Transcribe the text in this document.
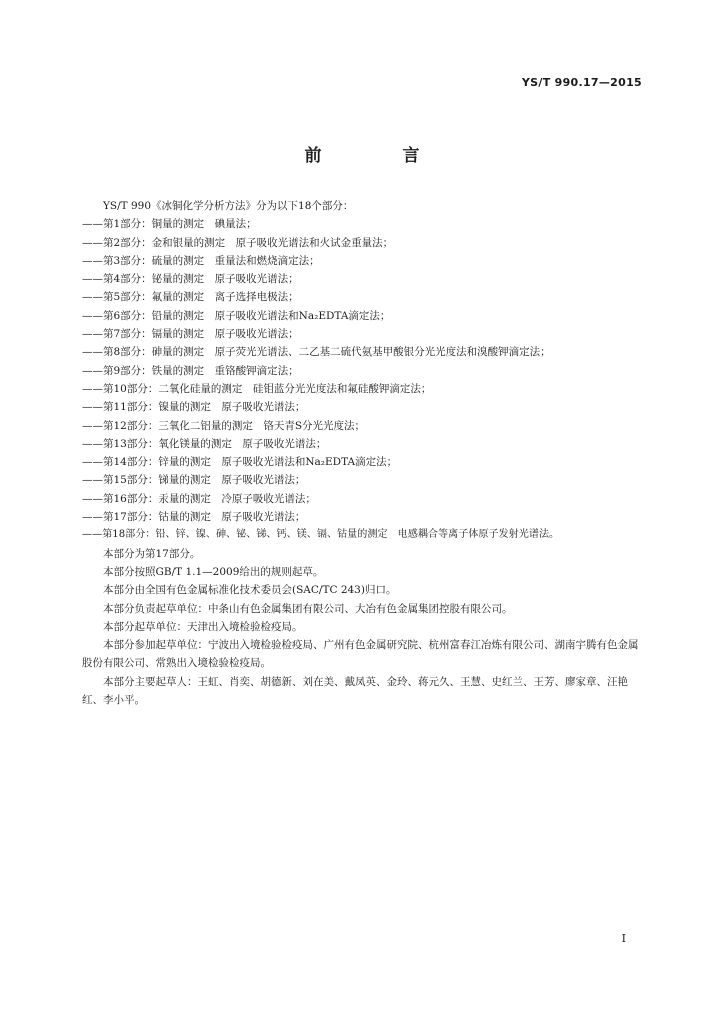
YS/T 990.17—2015
前　言
YS/T 990《冰铜化学分析方法》分为以下18个部分：
——第1部分：铜量的测定　碘量法；
——第2部分：金和银量的测定　原子吸收光谱法和火试金重量法；
——第3部分：硫量的测定　重量法和燃烧滴定法；
——第4部分：铋量的测定　原子吸收光谱法；
——第5部分：氟量的测定　离子选择电极法；
——第6部分：铅量的测定　原子吸收光谱法和Na₂EDTA滴定法；
——第7部分：镉量的测定　原子吸收光谱法；
——第8部分：砷量的测定　原子荧光光谱法、二乙基二硫代氨基甲酸银分光光度法和溴酸钾滴定法；
——第9部分：铁量的测定　重铬酸钾滴定法；
——第10部分：二氧化硅量的测定　硅钼蓝分光光度法和氟硅酸钾滴定法；
——第11部分：镍量的测定　原子吸收光谱法；
——第12部分：三氧化二铝量的测定　铬天青S分光光度法；
——第13部分：氧化镁量的测定　原子吸收光谱法；
——第14部分：锌量的测定　原子吸收光谱法和Na₂EDTA滴定法；
——第15部分：锑量的测定　原子吸收光谱法；
——第16部分：汞量的测定　冷原子吸收光谱法；
——第17部分：钴量的测定　原子吸收光谱法；
——第18部分：铅、锌、镍、砷、铋、锑、钙、镁、镉、钴量的测定　电感耦合等离子体原子发射光谱法。
本部分为第17部分。
本部分按照GB/T 1.1—2009给出的规则起草。
本部分由全国有色金属标准化技术委员会(SAC/TC 243)归口。
本部分负责起草单位：中条山有色金属集团有限公司、大冶有色金属集团控股有限公司。
本部分起草单位：天津出入境检验检疫局。
本部分参加起草单位：宁波出入境检验检疫局、广州有色金属研究院、杭州富春江冶炼有限公司、湖南宇腾有色金属股份有限公司、常熟出入境检验检疫局。
本部分主要起草人：王虹、肖奕、胡德新、刘在美、戴凤英、金玲、蒋元久、王慧、史红兰、王芳、廖家章、汪艳红、李小平。
I
